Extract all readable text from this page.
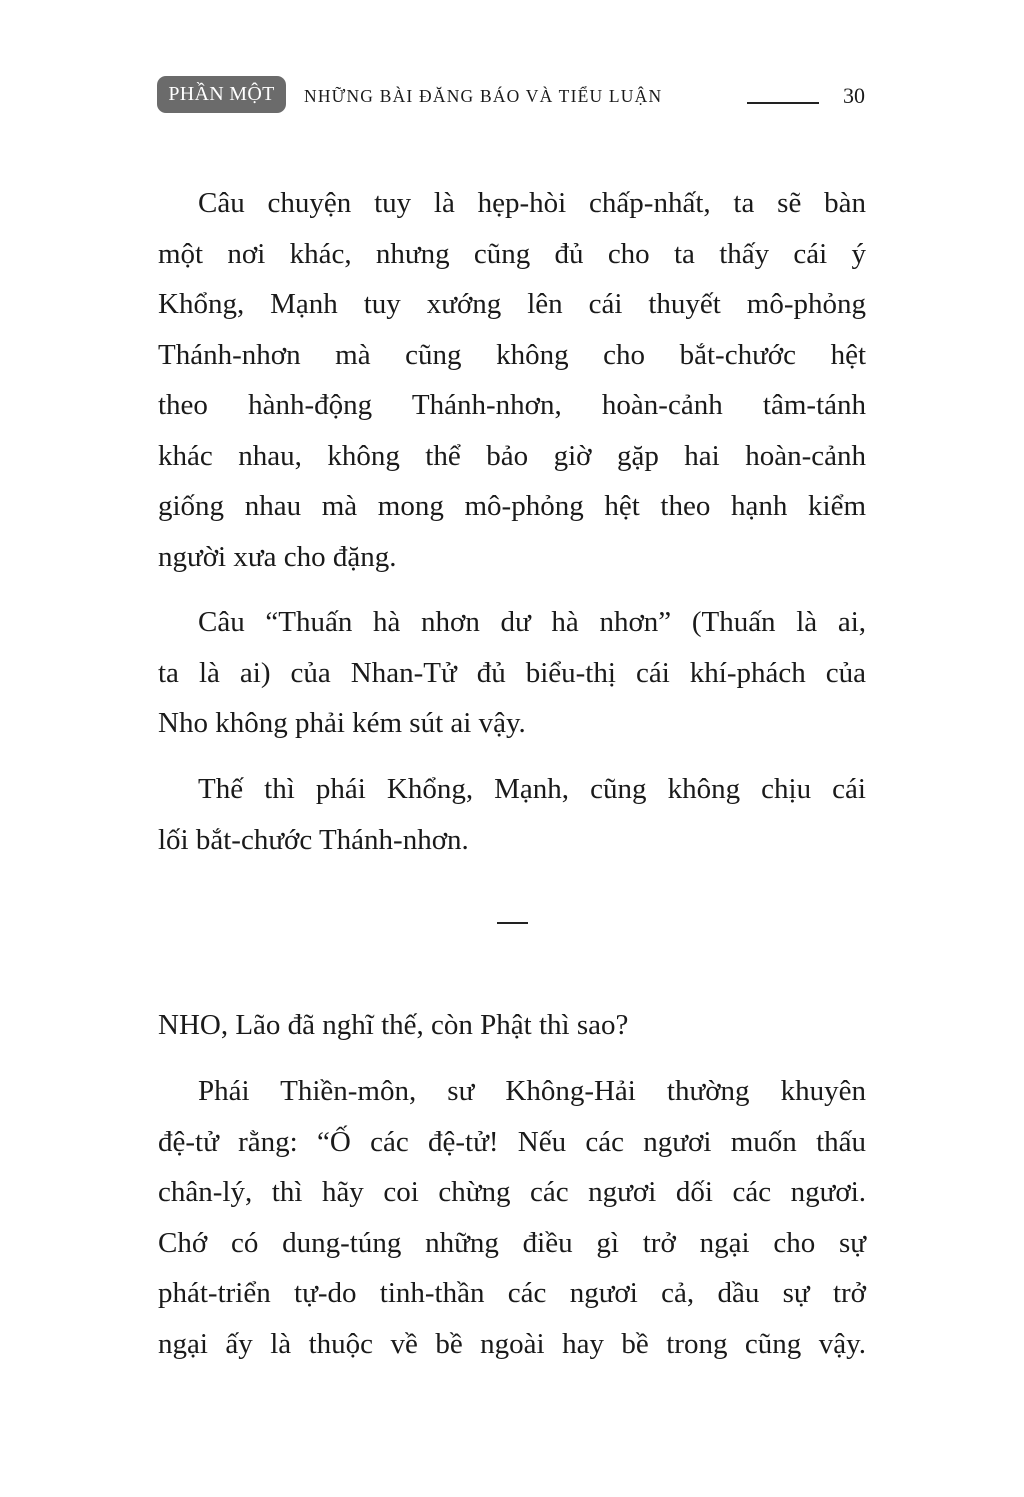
PHẦN MỘT	NHỮNG BÀI ĐĂNG BÁO VÀ TIỂU LUẬN	30
Câu chuyện tuy là hẹp-hòi chấp-nhất, ta sẽ bàn
một nơi khác, nhưng cũng đủ cho ta thấy cái ý
Khổng, Mạnh tuy xướng lên cái thuyết mô-phỏng
Thánh-nhơn mà cũng không cho bắt-chước hệt
theo hành-động Thánh-nhơn, hoàn-cảnh tâm-tánh
khác nhau, không thể bảo giờ gặp hai hoàn-cảnh
giống nhau mà mong mô-phỏng hệt theo hạnh kiểm
người xưa cho đặng.
Câu “Thuấn hà nhơn dư hà nhơn” (Thuấn là ai,
ta là ai) của Nhan-Tử đủ biểu-thị cái khí-phách của
Nho không phải kém sút ai vậy.
Thế thì phái Khổng, Mạnh, cũng không chịu cái
lối bắt-chước Thánh-nhơn.
NHO, Lão đã nghĩ thế, còn Phật thì sao?
Phái Thiền-môn, sư Không-Hải thường khuyên
đệ-tử rằng: “Ố các đệ-tử! Nếu các ngươi muốn thấu
chân-lý, thì hãy coi chừng các ngươi dối các ngươi.
Chớ có dung-túng những điều gì trở ngại cho sự
phát-triển tự-do tinh-thần các ngươi cả, dầu sự trở
ngại ấy là thuộc về bề ngoài hay bề trong cũng vậy.
